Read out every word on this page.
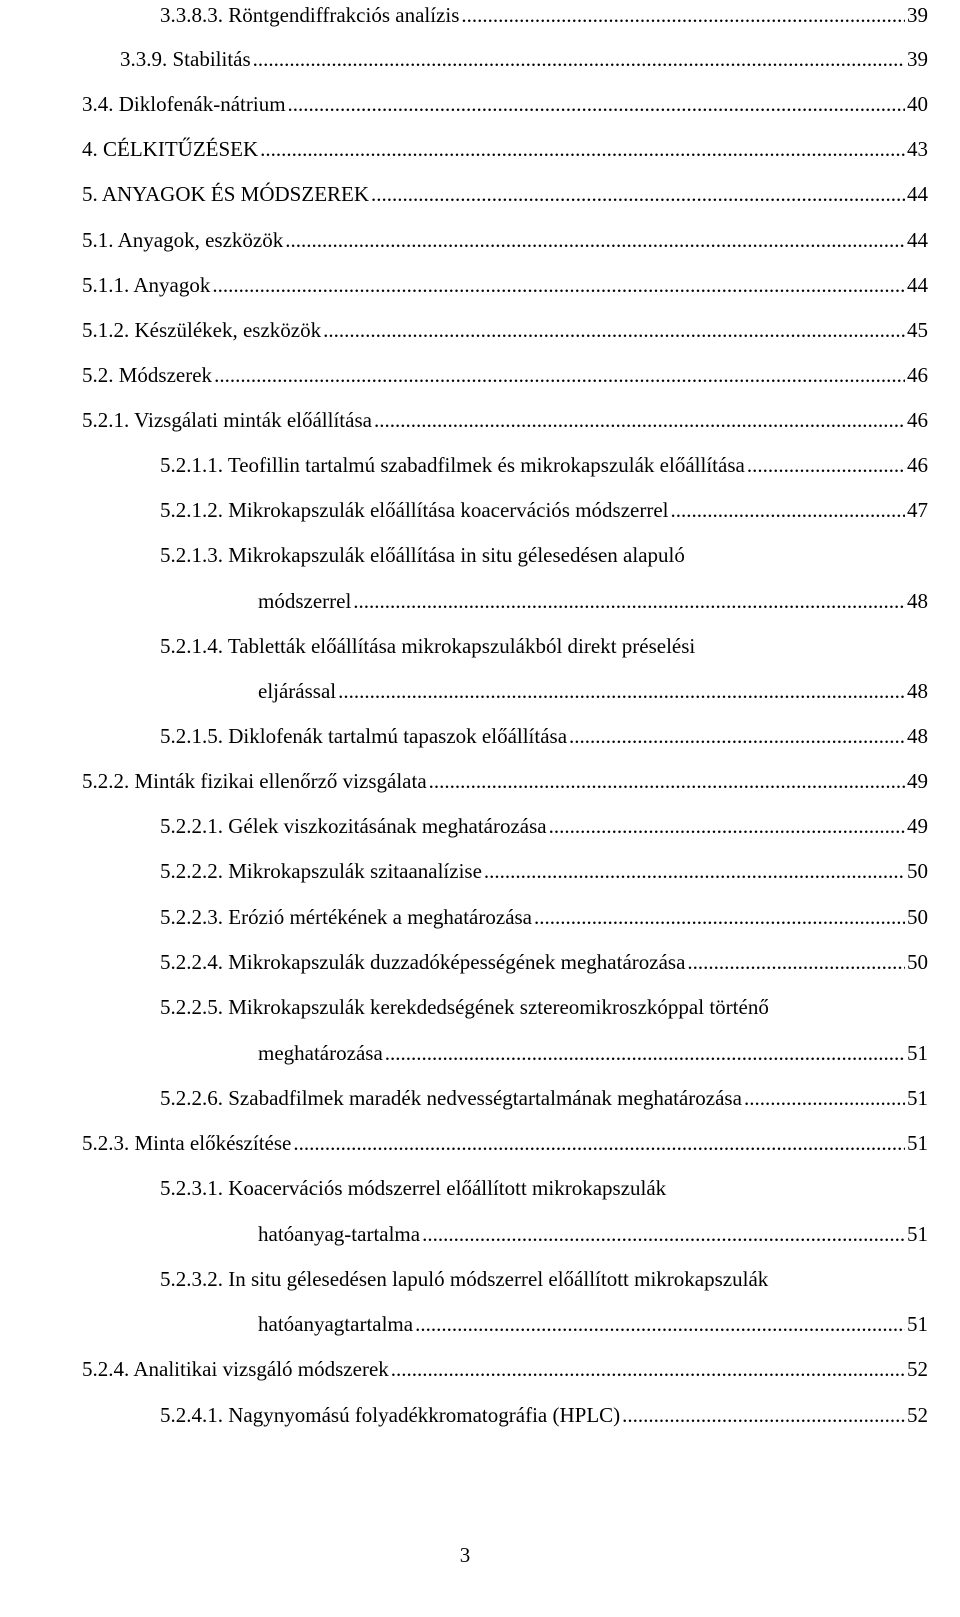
3.3.8.3. Röntgendiffrakciós analízis .....	39
3.3.9. Stabilitás .....	39
3.4. Diklofenák-nátrium .....	40
4. CÉLKITŰZÉSEK .....	43
5. ANYAGOK ÉS MÓDSZEREK .....	44
5.1. Anyagok, eszközök .....	44
5.1.1. Anyagok .....	44
5.1.2. Készülékek, eszközök .....	45
5.2. Módszerek .....	46
5.2.1. Vizsgálati minták előállítása .....	46
5.2.1.1. Teofillin tartalmú szabadfilmek és mikrokapszulák előállítása .....	46
5.2.1.2. Mikrokapszulák előállítása koacervációs módszerrel .....	47
5.2.1.3. Mikrokapszulák előállítása in situ gélesedésen alapuló
módszerrel .....	48
5.2.1.4. Tabletták előállítása mikrokapszulákból direkt préselési
eljárással .....	48
5.2.1.5. Diklofenák tartalmú tapaszok előállítása .....	48
5.2.2. Minták fizikai ellenőrző vizsgálata .....	49
5.2.2.1. Gélek viszkozitásának meghatározása .....	49
5.2.2.2. Mikrokapszulák szitaanalízise .....	50
5.2.2.3. Erózió mértékének a meghatározása .....	50
5.2.2.4. Mikrokapszulák duzzadóképességének meghatározása .....	50
5.2.2.5. Mikrokapszulák kerekdedségének sztereomikroszkóppal történő
meghatározása .....	51
5.2.2.6. Szabadfilmek maradék nedvességtartalmának meghatározása .....	51
5.2.3. Minta előkészítése .....	51
5.2.3.1. Koacervációs módszerrel előállított mikrokapszulák
hatóanyag-tartalma .....	51
5.2.3.2. In situ gélesedésen lapuló módszerrel előállított mikrokapszulák
hatóanyagtartalma .....	51
5.2.4. Analitikai vizsgáló módszerek .....	52
5.2.4.1. Nagynyomású folyadékkromatográfia (HPLC) .....	52
3
